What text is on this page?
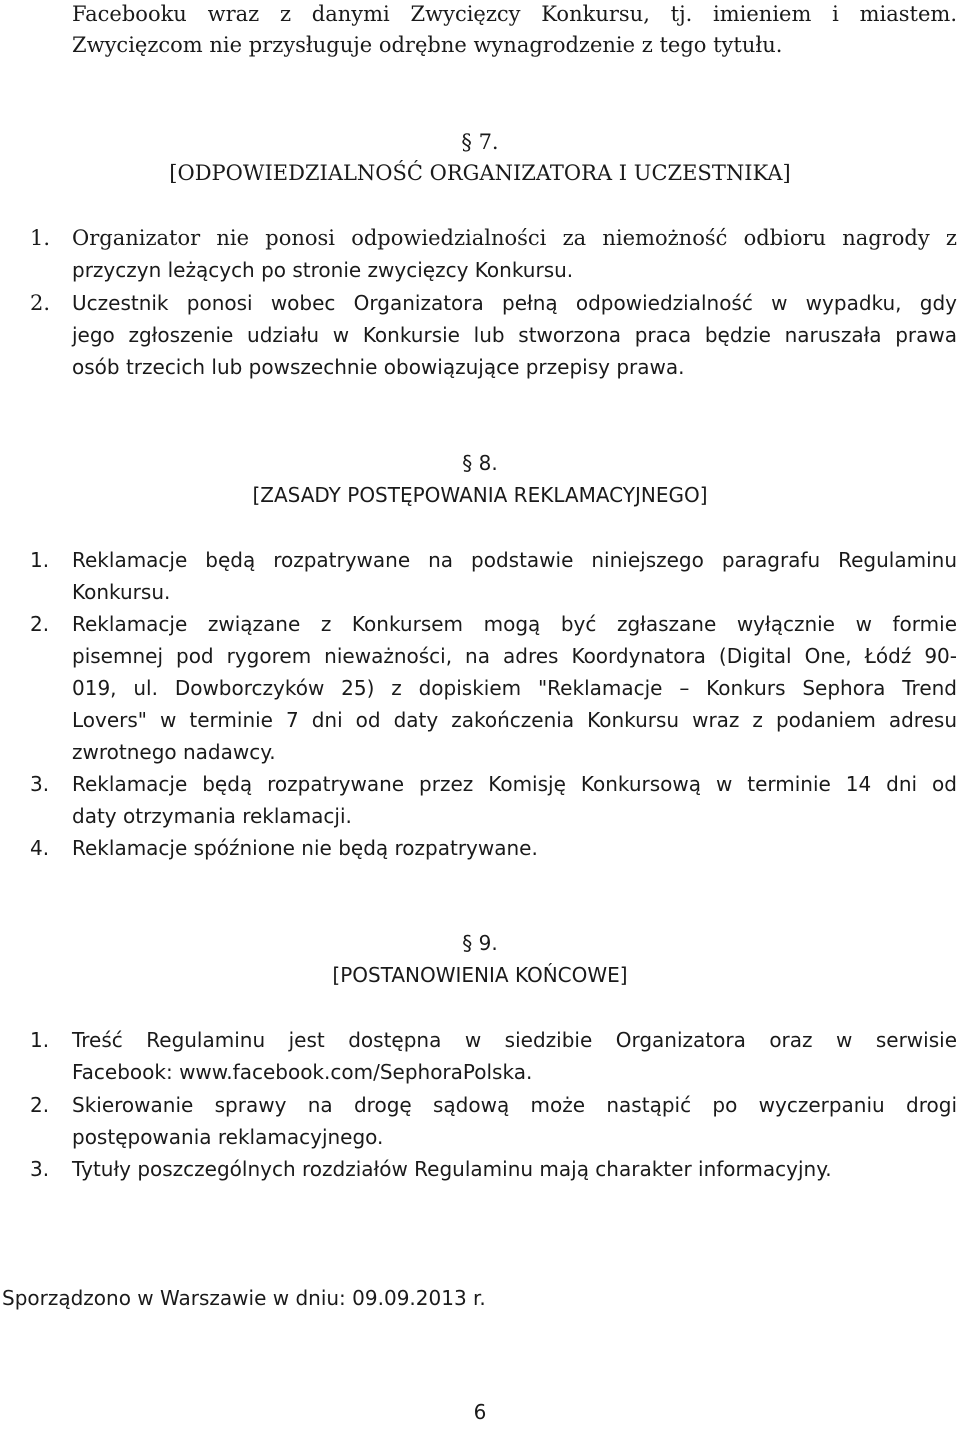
Facebooku wraz z danymi Zwycięzcy Konkursu, tj. imieniem i miastem.
Zwycięzcom nie przysługuje odrębne wynagrodzenie z tego tytułu.
§ 7.
[ODPOWIEDZIALNOŚĆ ORGANIZATORA I UCZESTNIKA]
1. Organizator nie ponosi odpowiedzialności za niemożność odbioru nagrody z
przyczyn leżących po stronie zwycięzcy Konkursu.
2. Uczestnik ponosi wobec Organizatora pełną odpowiedzialność w wypadku, gdy
jego zgłoszenie udziału w Konkursie lub stworzona praca będzie naruszała prawa
osób trzecich lub powszechnie obowiązujące przepisy prawa.
§ 8.
[ZASADY POSTĘPOWANIA REKLAMACYJNEGO]
1. Reklamacje będą rozpatrywane na podstawie niniejszego paragrafu Regulaminu
Konkursu.
2. Reklamacje związane z Konkursem mogą być zgłaszane wyłącznie w formie
pisemnej pod rygorem nieważności, na adres Koordynatora (Digital One, Łódź 90-
019, ul. Dowborczyków 25) z dopiskiem "Reklamacje – Konkurs Sephora Trend
Lovers" w terminie 7 dni od daty zakończenia Konkursu wraz z podaniem adresu
zwrotnego nadawcy.
3. Reklamacje będą rozpatrywane przez Komisję Konkursową w terminie 14 dni od
daty otrzymania reklamacji.
4. Reklamacje spóźnione nie będą rozpatrywane.
§ 9.
[POSTANOWIENIA KOŃCOWE]
1. Treść Regulaminu jest dostępna w siedzibie Organizatora oraz w serwisie
Facebook: www.facebook.com/SephoraPolska.
2. Skierowanie sprawy na drogę sądową może nastąpić po wyczerpaniu drogi
postępowania reklamacyjnego.
3. Tytuły poszczególnych rozdziałów Regulaminu mają charakter informacyjny.
Sporządzono w Warszawie w dniu: 09.09.2013 r.
6
